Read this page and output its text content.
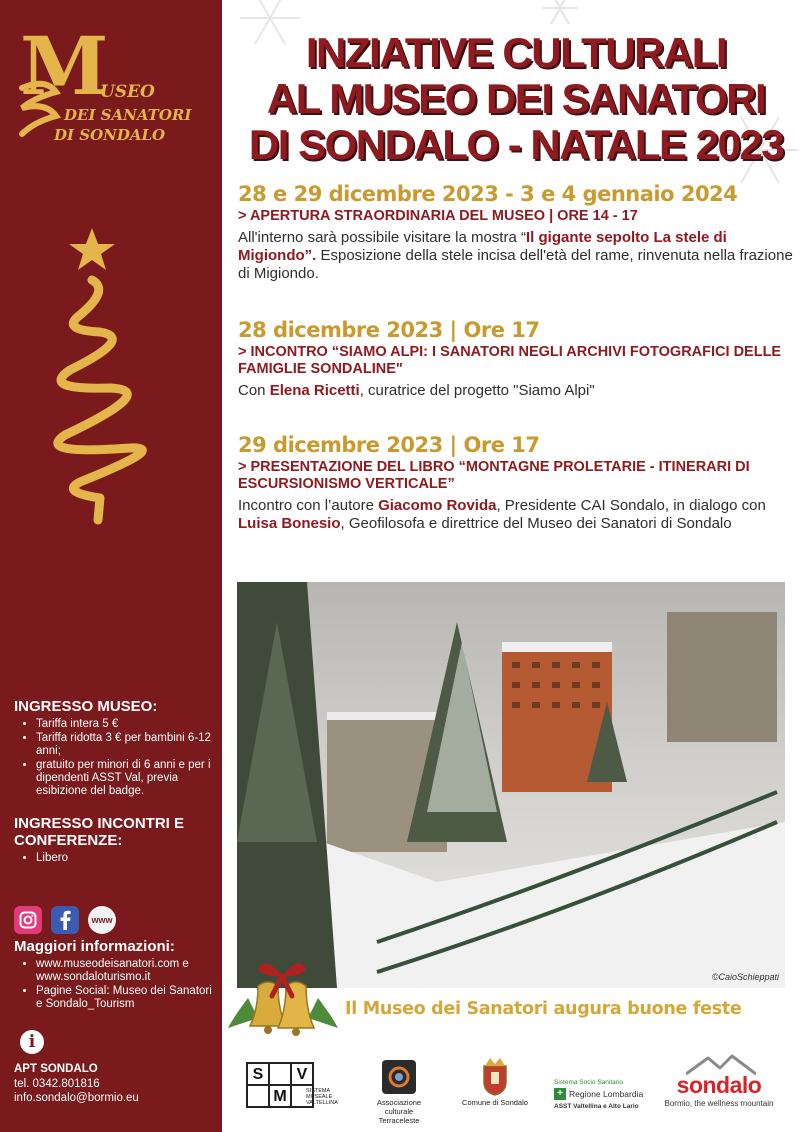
M
USEO
DEI SANATORI
DI SONDALO
INGRESSO MUSEO:
• Tariffa intera 5 €
• Tariffa ridotta 3 € per bambini 6-12 anni;
• gratuito per minori di 6 anni e per i dipendenti ASST Val, previa esibizione del badge.
INGRESSO INCONTRI E CONFERENZE:
• Libero
www
Maggiori informazioni:
• www.museodeisanatori.com e www.sondaloturismo.it
• Pagine Social: Museo dei Sanatori e Sondalo_Tourism
i
APT SONDALO
tel. 0342.801816
info.sondalo@bormio.eu
INZIATIVE CULTURALI
AL MUSEO DEI SANATORI
DI SONDALO - NATALE 2023
28 e 29 dicembre 2023 - 3 e 4 gennaio 2024
> APERTURA STRAORDINARIA DEL MUSEO | ORE 14 - 17
All'interno sarà possibile visitare la mostra “Il gigante sepolto La stele di Migiondo”. Esposizione della stele incisa dell'età del rame, rinvenuta nella frazione di Migiondo.
28 dicembre 2023 | Ore 17
> INCONTRO “SIAMO ALPI: I SANATORI NEGLI ARCHIVI FOTOGRAFICI DELLE FAMIGLIE SONDALINE"
Con Elena Ricetti, curatrice del progetto "Siamo Alpi"
29 dicembre 2023 | Ore 17
> PRESENTAZIONE DEL LIBRO “MONTAGNE PROLETARIE - ITINERARI DI ESCURSIONISMO VERTICALE”
Incontro con l’autore Giacomo Rovida, Presidente CAI Sondalo, in dialogo con Luisa Bonesio, Geofilosofa e direttrice del Museo dei Sanatori di Sondalo
©CaioSchieppati
Il Museo dei Sanatori augura buone feste
S	V
M	SISTEMA MUSEALE VALTELLINA	Associazione culturale Terraceleste
Comune di Sondalo
Sistema Socio Sanitario
+ Regione Lombardia
ASST Valtellina e Alto Lario
sondalo
Bormio, the wellness mountain
